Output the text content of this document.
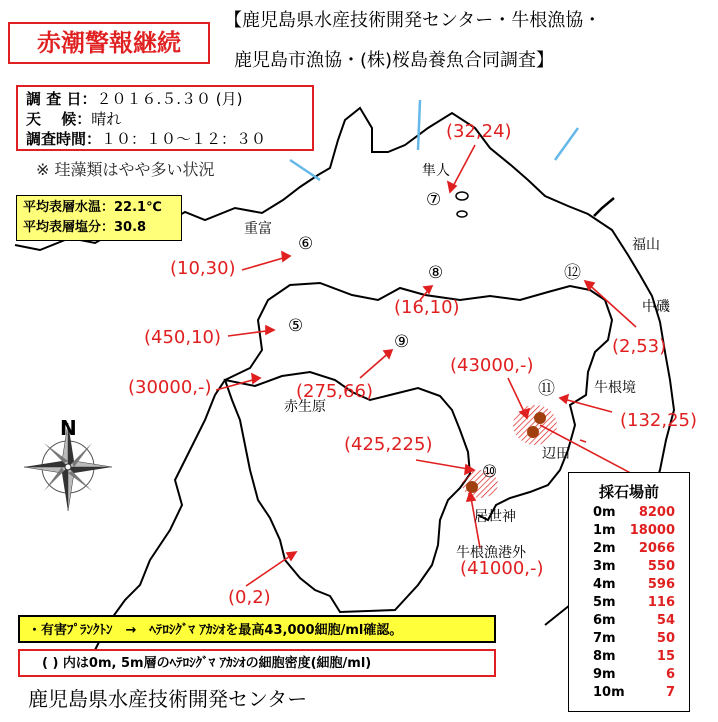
赤潮警報継続
【鹿児島県水産技術開発センター・牛根漁協・
鹿児島市漁協・(株)桜島養魚合同調査】
調 査 日：２０１６.５.３０ (月)
天　 候：晴れ
調査時間：１０：１０～１２：３０
※ 珪藻類はやや多い状況
平均表層水温：22.1℃
平均表層塩分：30.8
隼人
福山
重富
中磯
牛根境
赤生原
辺田
居世神
牛根漁港外
⑤
⑥
⑦
⑧
⑨
⑩
⑪
⑫
(32,24)
(10,30)
(16,10)
(450,10)	(2,53)
(43000,-)
(30000,-)	(275,66)
(132,25)
(425,225)
(41000,-)
(0,2)
N
採石場前
0m	8200
1m	18000
2m	2066
3m	550
4m	596
5m	116
6m	54
7m	50
8m	15
9m	6
10m	7
・有害ﾌﾟﾗﾝｸﾄﾝ　→　ﾍﾃﾛｼｸﾞﾏ ｱｶｼｵを最高43,000細胞/ml確認。
( ) 内は0m, 5m層のﾍﾃﾛｼｸﾞﾏ ｱｶｼｵの細胞密度(細胞/ml)
鹿児島県水産技術開発センター
